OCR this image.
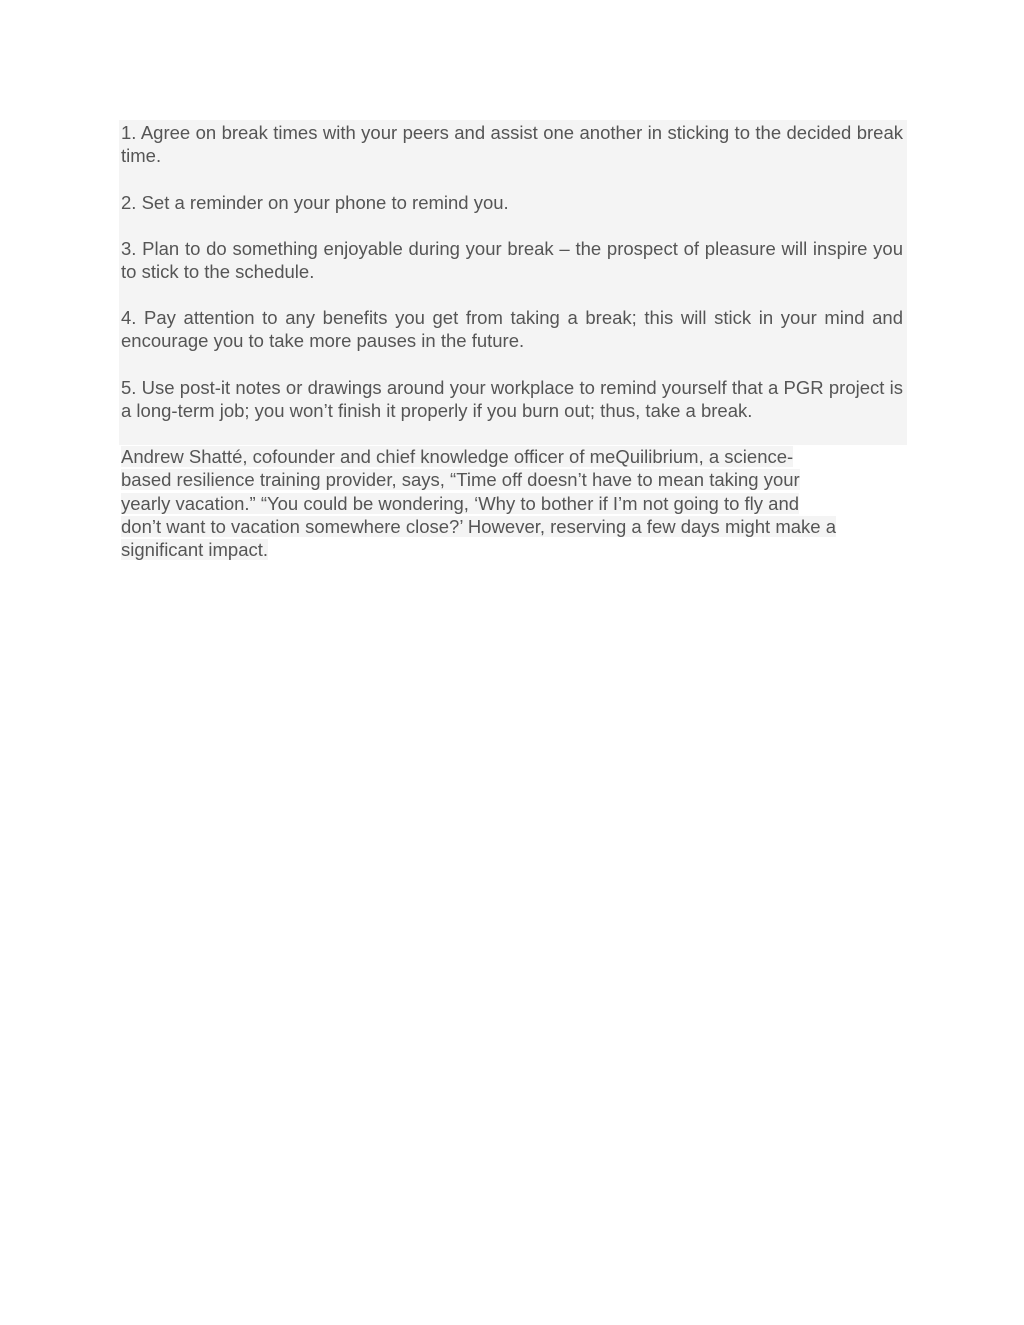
1. Agree on break times with your peers and assist one another in sticking to the decided break time.

2. Set a reminder on your phone to remind you.

3. Plan to do something enjoyable during your break – the prospect of pleasure will inspire you to stick to the schedule.

4. Pay attention to any benefits you get from taking a break; this will stick in your mind and encourage you to take more pauses in the future.

5. Use post-it notes or drawings around your workplace to remind yourself that a PGR project is a long-term job; you won’t finish it properly if you burn out; thus, take a break.

Andrew Shatté, cofounder and chief knowledge officer of meQuilibrium, a science-
based resilience training provider, says, “Time off doesn’t have to mean taking your
yearly vacation.” “You could be wondering, ‘Why to bother if I’m not going to fly and
don’t want to vacation somewhere close?’ However, reserving a few days might make a
significant impact.
